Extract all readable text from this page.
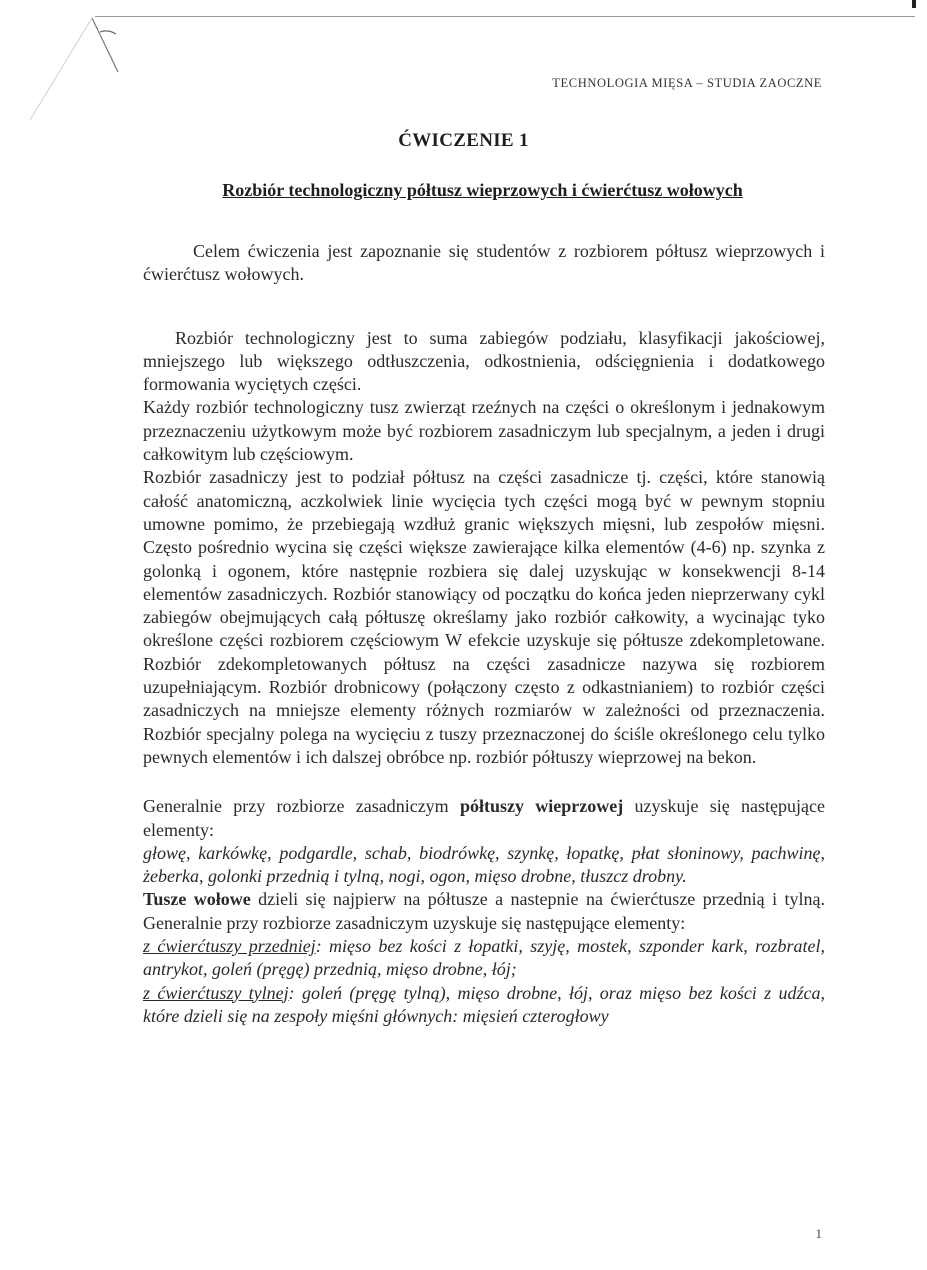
TECHNOLOGIA MIĘSA – STUDIA ZAOCZNE
ĆWICZENIE 1
Rozbiór technologiczny półtusz wieprzowych i ćwierćtusz wołowych

Celem ćwiczenia jest zapoznanie się studentów z rozbiorem półtusz wieprzowych i ćwierćtusz wołowych.

Rozbiór technologiczny jest to suma zabiegów podziału, klasyfikacji jakościowej, mniejszego lub większego odtłuszczenia, odkostnienia, odścięgnienia i dodatkowego formowania wyciętych części.

Każdy rozbiór technologiczny tusz zwierząt rzeźnych na części o określonym i jednakowym przeznaczeniu użytkowym może być rozbiorem zasadniczym lub specjalnym, a jeden i drugi całkowitym lub częściowym.

Rozbiór zasadniczy jest to podział półtusz na części zasadnicze tj. części, które stanowią całość anatomiczną, aczkolwiek linie wycięcia tych części mogą być w pewnym stopniu umowne pomimo, że przebiegają wzdłuż granic większych mięsni, lub zespołów mięsni. Często pośrednio wycina się części większe zawierające kilka elementów (4-6) np. szynka z golonką i ogonem, które następnie rozbiera się dalej uzyskując w konsekwencji 8-14 elementów zasadniczych. Rozbiór stanowiący od początku do końca jeden nieprzerwany cykl zabiegów obejmujących całą półtuszę określamy jako rozbiór całkowity, a wycinając tyko określone części rozbiorem częściowym W efekcie uzyskuje się półtusze zdekompletowane. Rozbiór zdekompletowanych półtusz na części zasadnicze nazywa się rozbiorem uzupełniającym. Rozbiór drobnicowy (połączony często z odkastnianiem) to rozbiór części zasadniczych na mniejsze elementy różnych rozmiarów w zależności od przeznaczenia. Rozbiór specjalny polega na wycięciu z tuszy przeznaczonej do ściśle określonego celu tylko pewnych elementów i ich dalszej obróbce np. rozbiór półtuszy wieprzowej na bekon.

Generalnie przy rozbiorze zasadniczym półtuszy wieprzowej uzyskuje się następujące elementy:

głowę, karkówkę, podgardle, schab, biodrówkę, szynkę, łopatkę, płat słoninowy, pachwinę, żeberka, golonki przednią i tylną, nogi, ogon, mięso drobne, tłuszcz drobny.

Tusze wołowe dzieli się najpierw na półtusze a nastepnie na ćwierćtusze przednią i tylną. Generalnie przy rozbiorze zasadniczym uzyskuje się następujące elementy:

z ćwierćtuszy przedniej: mięso bez kości z łopatki, szyję, mostek, szponder kark, rozbratel, antrykot, goleń (pręgę) przednią, mięso drobne, łój;

z ćwierćtuszy tylnej: goleń (pręgę tylną), mięso drobne, łój, oraz mięso bez kości z udźca, które dzieli się na zespoły mięśni głównych: mięsień czterogłowy

1
